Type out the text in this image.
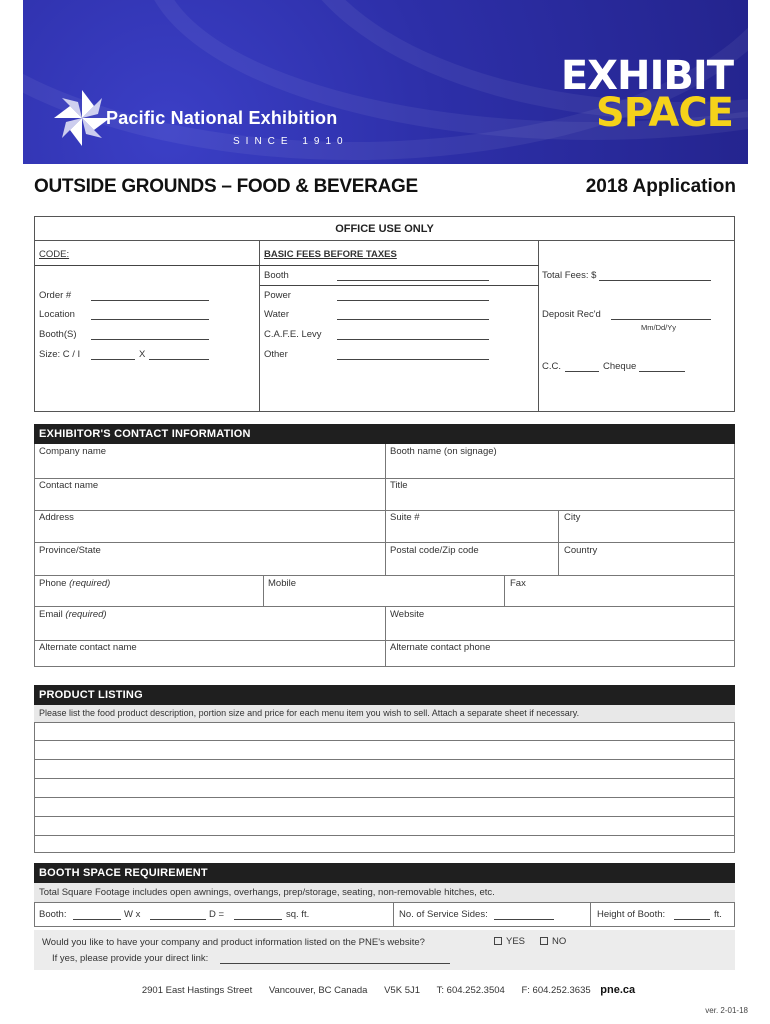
Pacific National Exhibition
SINCE 1910
EXHIBIT
SPACE
OUTSIDE GROUNDS – FOOD & BEVERAGE	2018 Application
OFFICE USE ONLY
CODE:
Order #
Location
Booth(S)
Size: C / I	X
BASIC FEES BEFORE TAXES
Booth
Power
Water
C.A.F.E. Levy
Other
Total Fees: $
Deposit Rec'd
Mm/Dd/Yy
C.C.	Cheque
EXHIBITOR'S CONTACT INFORMATION
Company name	Booth name (on signage)
Contact name	Title
Address	Suite #	City
Province/State	Postal code/Zip code	Country
Phone (required)	Mobile	Fax
Email (required)	Website
Alternate contact name	Alternate contact phone
PRODUCT LISTING
Please list the food product description, portion size and price for each menu item you wish to sell. Attach a separate sheet if necessary.
BOOTH SPACE REQUIREMENT
Total Square Footage includes open awnings, overhangs, prep/storage, seating, non-removable hitches, etc.
Booth:	W x	D =	sq. ft.	No. of Service Sides:	Height of Booth:	ft.
Would you like to have your company and product information listed on the PNE's website?	YES	NO
If yes, please provide your direct link:
2901 East Hastings Street Vancouver, BC Canada V5K 5J1 T: 604.252.3504 F: 604.252.3635 pne.ca
ver. 2-01-18
